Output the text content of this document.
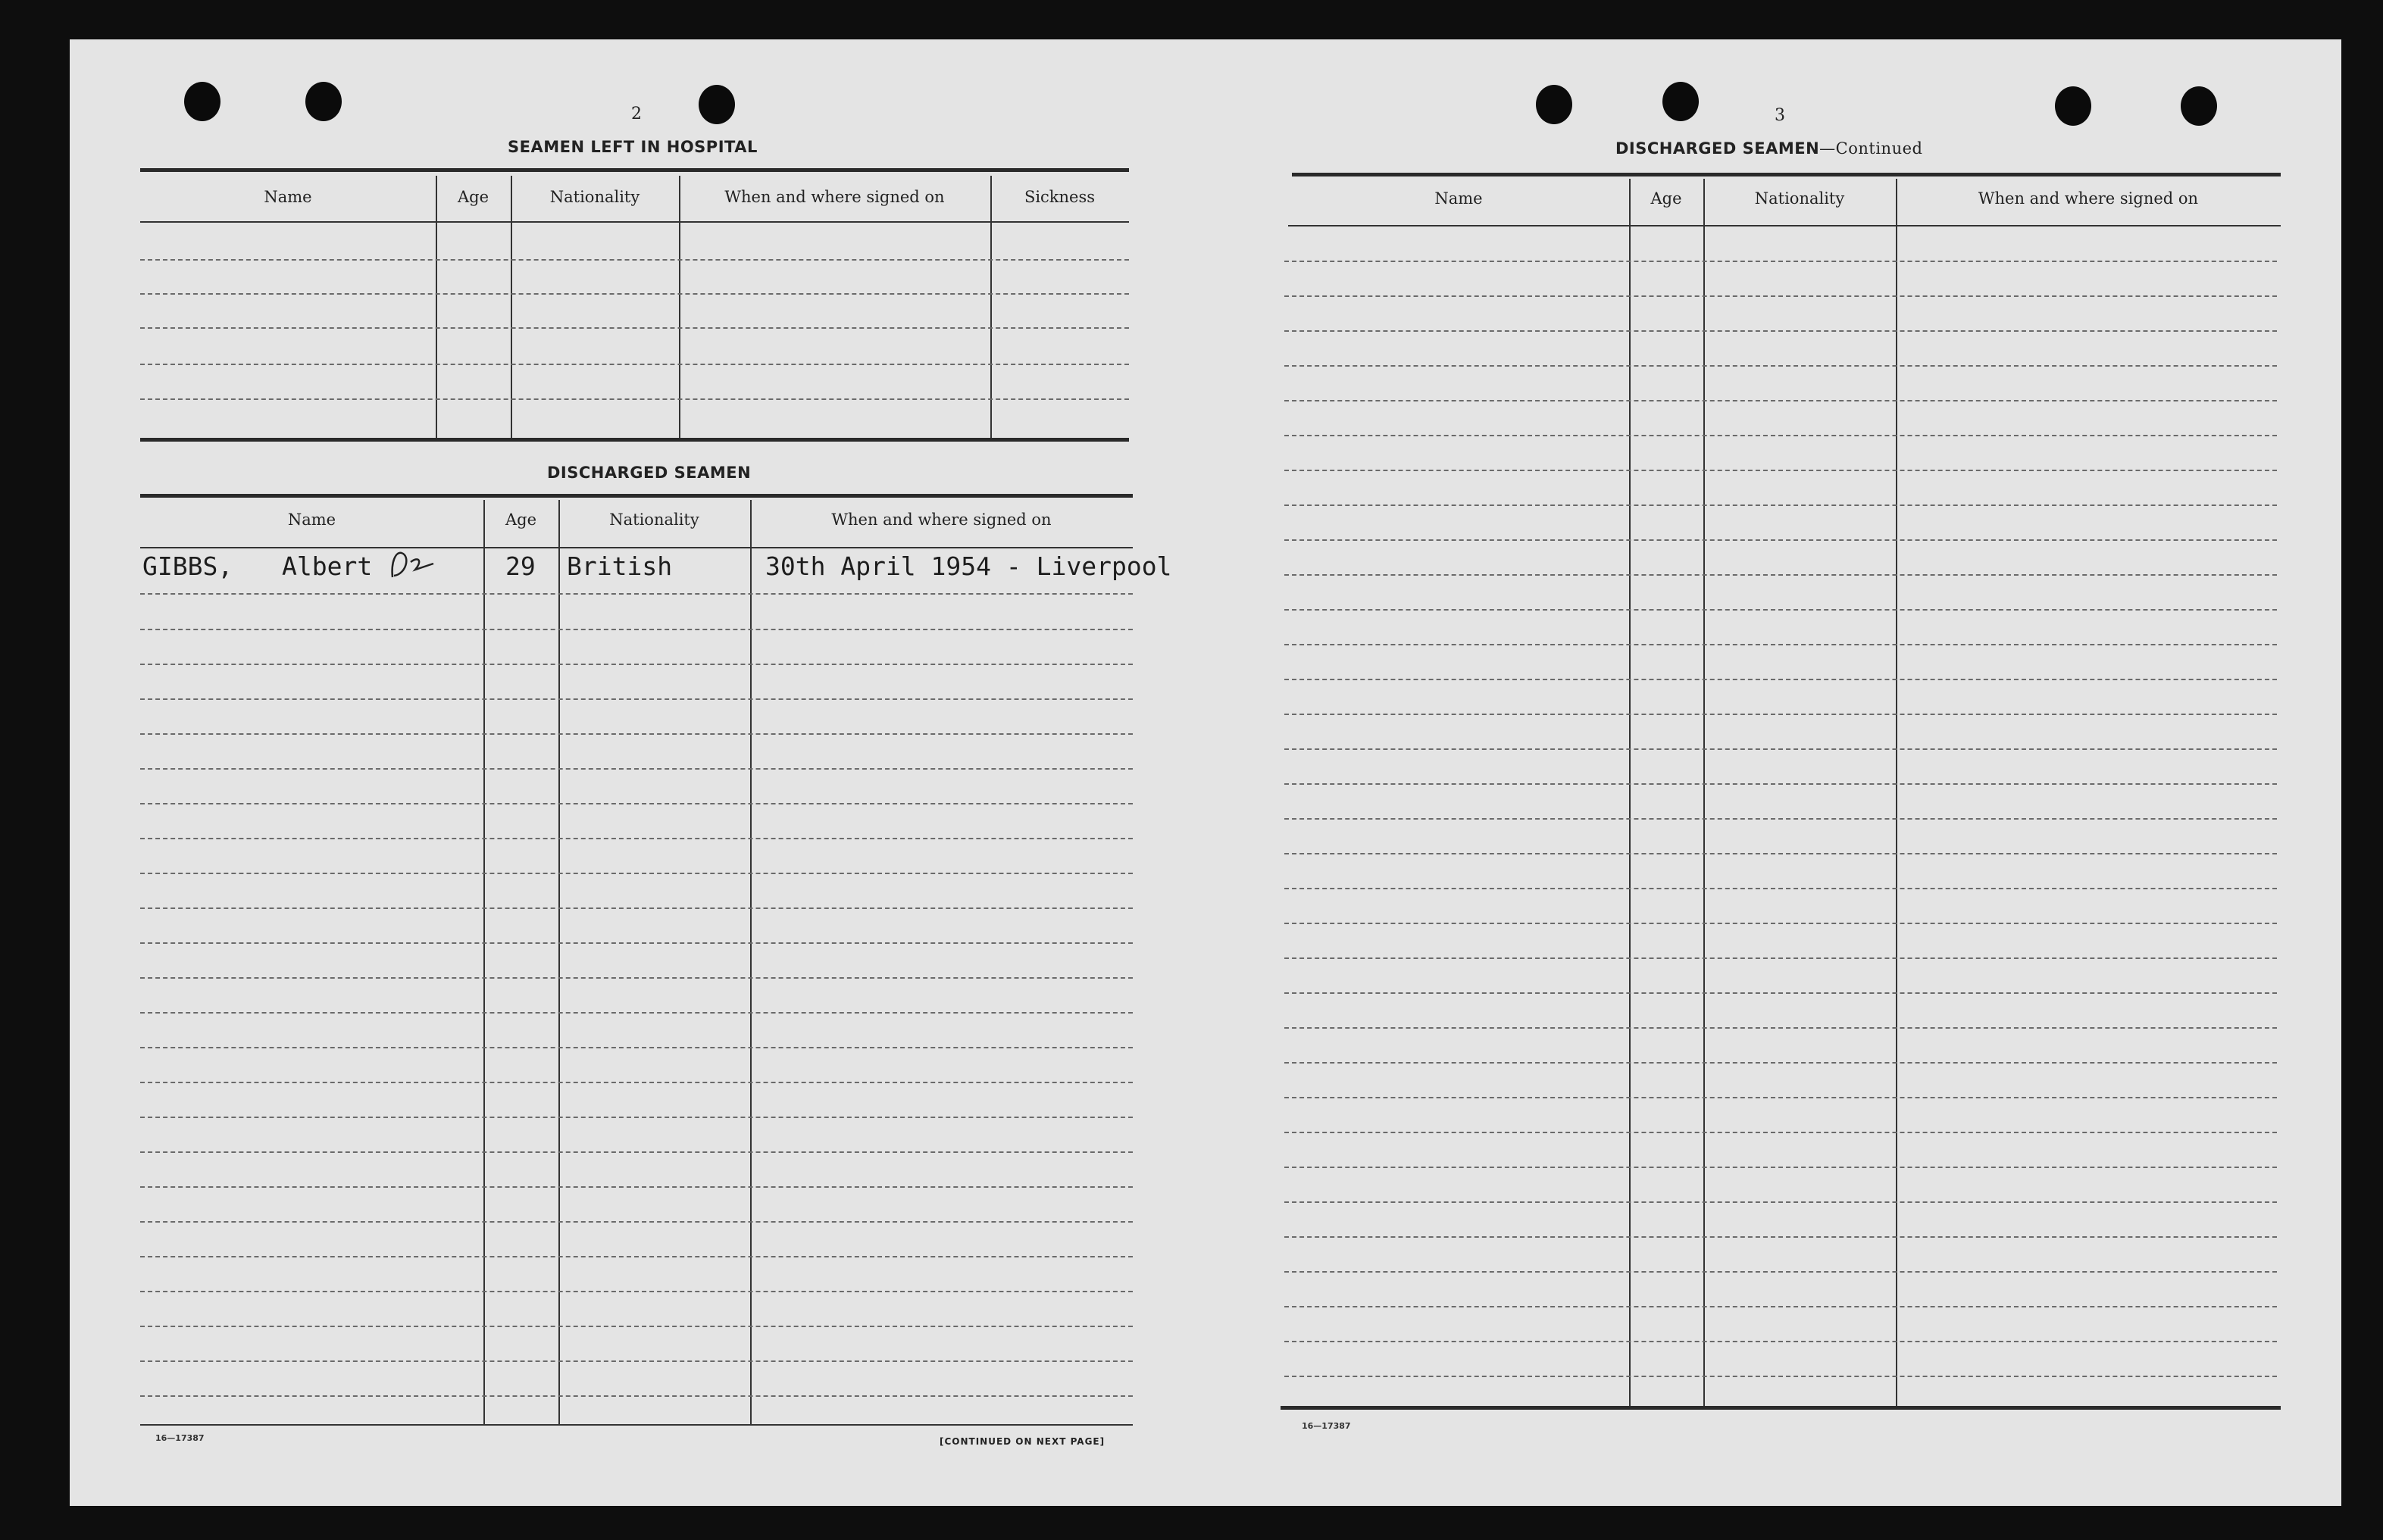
2
SEAMEN LEFT IN HOSPITAL
Name	Age	Nationality	When and where signed on	Sickness
DISCHARGED SEAMEN
Name	Age	Nationality	When and where signed on
GIBBS, Albert	29 British	30th April 1954 - Liverpool
16—17387	[CONTINUED ON NEXT PAGE]
3
DISCHARGED SEAMEN—Continued
Name	Age	Nationality	When and where signed on
16—17387
